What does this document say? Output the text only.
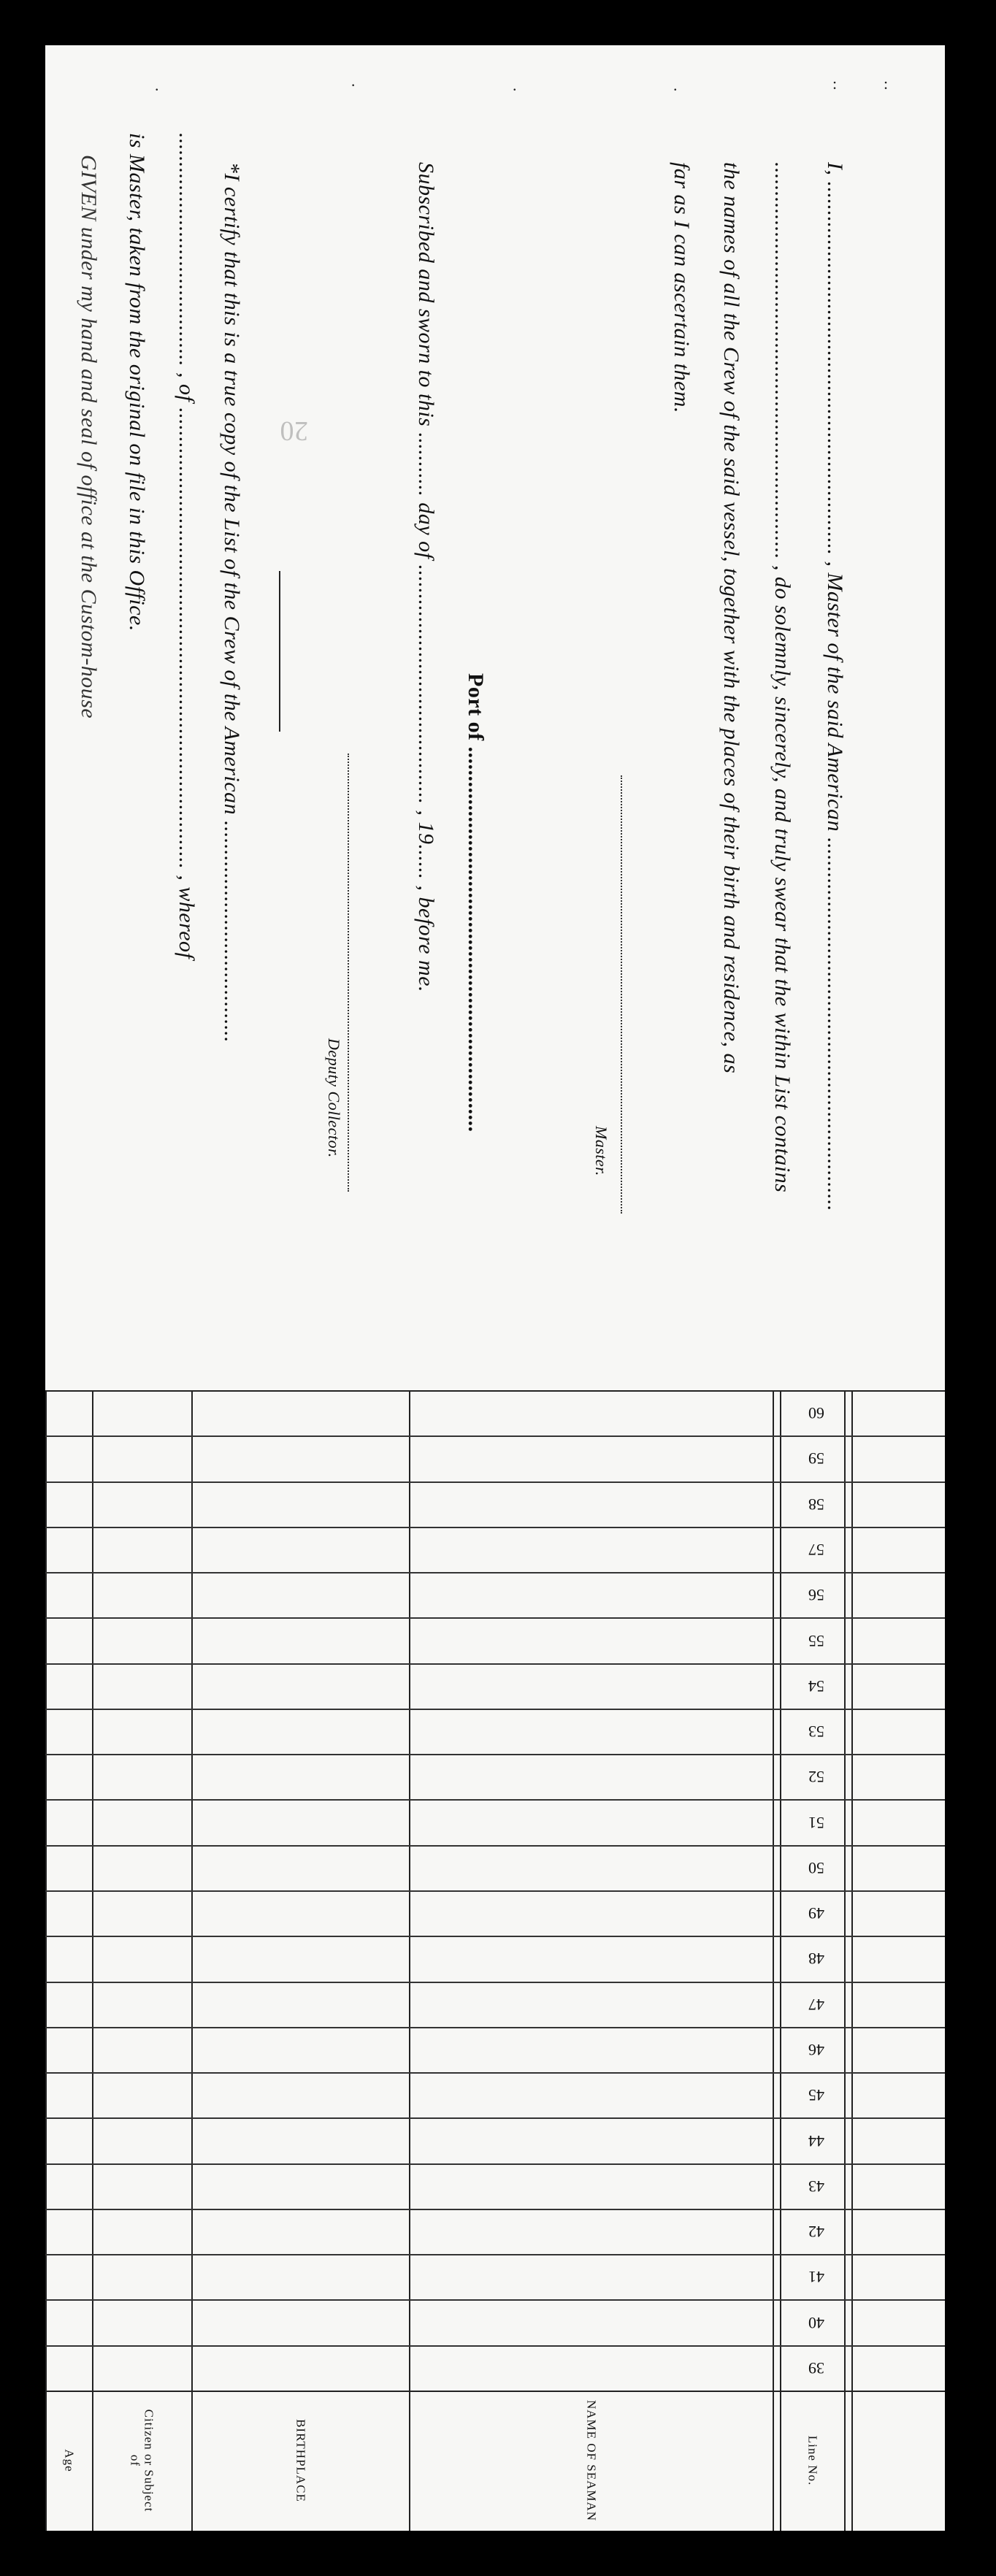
:
:
.
.
·
.
I, ................................................................ , Master of the said American ................................................................
.................................................................... , do solemnly, sincerely, and truly swear that the within List contains
the names of all the Crew of the said vessel, together with the places of their birth and residence, as
far as I can ascertain them.
Master.
Port of ..................................................................
Subscribed and sworn to this ........... day of ......................................... , 19...... , before me.
Deputy Collector.
20
*I certify that this is a true copy of the List of the Crew of the American ......................................
........................................ , of ............................................................................... , whereof
is Master, taken from the original on file in this Office.
GIVEN under my hand and seal of office at the Custom-house
60
59
58
57
56
55
54
53
52
51
50
49
48
47
46
45
44
43
42
41
40
39
Line No.
NAME OF SEAMAN
BIRTHPLACE
Citizen or Subject of
Age
